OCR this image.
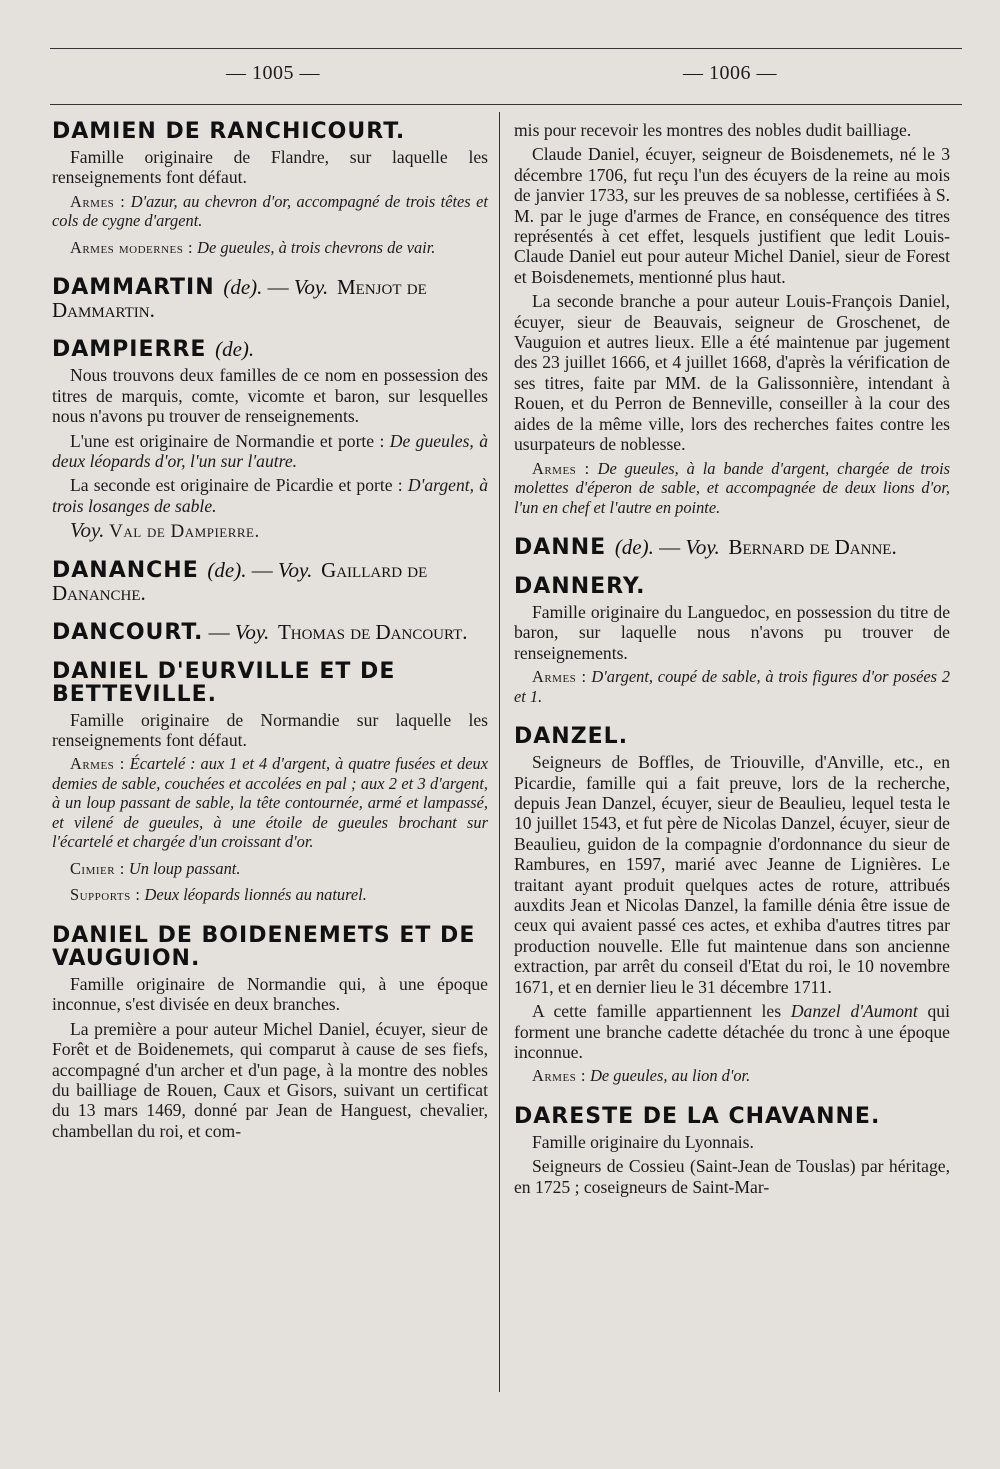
— 1005 —	— 1006 —
DAMIEN DE RANCHICOURT.

Famille originaire de Flandre, sur laquelle les renseignements font défaut.

Armes : D'azur, au chevron d'or, accompagné de trois têtes et cols de cygne d'argent.

Armes modernes : De gueules, à trois chevrons de vair.

DAMMARTIN (de). — Voy. Menjot de Dammartin.
DAMPIERRE (de).

Nous trouvons deux familles de ce nom en possession des titres de marquis, comte, vicomte et baron, sur lesquelles nous n'avons pu trouver de renseignements.

L'une est originaire de Normandie et porte : De gueules, à deux léopards d'or, l'un sur l'autre.

La seconde est originaire de Picardie et porte : D'argent, à trois losanges de sable.

Voy. Val de Dampierre.
DANANCHE (de). — Voy. Gaillard de Dananche.
DANCOURT. — Voy. Thomas de Dancourt.
DANIEL D'EURVILLE ET DE BETTEVILLE.

Famille originaire de Normandie sur laquelle les renseignements font défaut.

Armes : Écartelé : aux 1 et 4 d'argent, à quatre fusées et deux demies de sable, couchées et accolées en pal ; aux 2 et 3 d'argent, à un loup passant de sable, la tête contournée, armé et lampassé, et vilené de gueules, à une étoile de gueules brochant sur l'écartelé et chargée d'un croissant d'or.

Cimier : Un loup passant.

Supports : Deux léopards lionnés au naturel.

DANIEL DE BOIDENEMETS ET DE VAUGUION.

Famille originaire de Normandie qui, à une époque inconnue, s'est divisée en deux branches.

La première a pour auteur Michel Daniel, écuyer, sieur de Forêt et de Boidenemets, qui comparut à cause de ses fiefs, accompagné d'un archer et d'un page, à la montre des nobles du bailliage de Rouen, Caux et Gisors, suivant un certificat du 13 mars 1469, donné par Jean de Hanguest, chevalier, chambellan du roi, et com-

mis pour recevoir les montres des nobles dudit bailliage.

Claude Daniel, écuyer, seigneur de Boisdenemets, né le 3 décembre 1706, fut reçu l'un des écuyers de la reine au mois de janvier 1733, sur les preuves de sa noblesse, certifiées à S. M. par le juge d'armes de France, en conséquence des titres représentés à cet effet, lesquels justifient que ledit Louis-Claude Daniel eut pour auteur Michel Daniel, sieur de Forest et Boisdenemets, mentionné plus haut.

La seconde branche a pour auteur Louis-François Daniel, écuyer, sieur de Beauvais, seigneur de Groschenet, de Vauguion et autres lieux. Elle a été maintenue par jugement des 23 juillet 1666, et 4 juillet 1668, d'après la vérification de ses titres, faite par MM. de la Galissonnière, intendant à Rouen, et du Perron de Benneville, conseiller à la cour des aides de la même ville, lors des recherches faites contre les usurpateurs de noblesse.

Armes : De gueules, à la bande d'argent, chargée de trois molettes d'éperon de sable, et accompagnée de deux lions d'or, l'un en chef et l'autre en pointe.

DANNE (de). — Voy. Bernard de Danne.
DANNERY.

Famille originaire du Languedoc, en possession du titre de baron, sur laquelle nous n'avons pu trouver de renseignements.

Armes : D'argent, coupé de sable, à trois figures d'or posées 2 et 1.

DANZEL.

Seigneurs de Boffles, de Triouville, d'Anville, etc., en Picardie, famille qui a fait preuve, lors de la recherche, depuis Jean Danzel, écuyer, sieur de Beaulieu, lequel testa le 10 juillet 1543, et fut père de Nicolas Danzel, écuyer, sieur de Beaulieu, guidon de la compagnie d'ordonnance du sieur de Rambures, en 1597, marié avec Jeanne de Lignières. Le traitant ayant produit quelques actes de roture, attribués auxdits Jean et Nicolas Danzel, la famille dénia être issue de ceux qui avaient passé ces actes, et exhiba d'autres titres par production nouvelle. Elle fut maintenue dans son ancienne extraction, par arrêt du conseil d'Etat du roi, le 10 novembre 1671, et en dernier lieu le 31 décembre 1711.

A cette famille appartiennent les Danzel d'Aumont qui forment une branche cadette détachée du tronc à une époque inconnue.

Armes : De gueules, au lion d'or.

DARESTE DE LA CHAVANNE.

Famille originaire du Lyonnais.

Seigneurs de Cossieu (Saint-Jean de Touslas) par héritage, en 1725 ; coseigneurs de Saint-Mar-
